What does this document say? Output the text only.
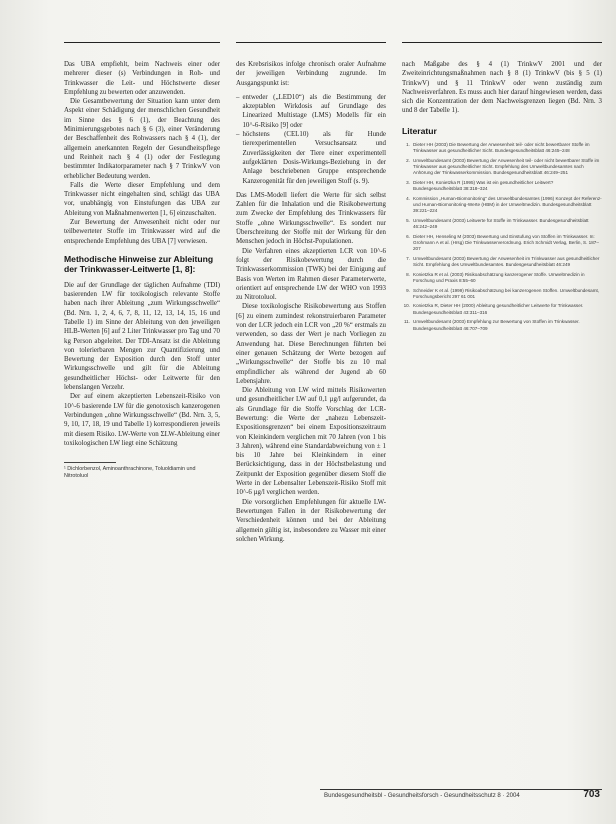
Das UBA empfiehlt, beim Nachweis einer oder mehrerer dieser (s) Verbindungen in Roh- und Trinkwasser die Leit- und Höchstwerte dieser Empfehlung zu bewerten oder anzuwenden.

Die Gesamtbewertung der Situation kann unter dem Aspekt einer Schädigung der menschlichen Gesundheit im Sinne des § 6 (1), der Beachtung des Minimierungsgebotes nach § 6 (3), einer Veränderung der Beschaffenheit des Rohwassers nach § 4 (1), der allgemein anerkannten Regeln der Gesundheitspflege und Reinheit nach § 4 (1) oder der Festlegung bestimmter Indikatorparameter nach § 7 TrinkwV von erheblicher Bedeutung werden.

Falls die Werte dieser Empfehlung und dem Trinkwasser nicht eingehalten sind, schlägt das UBA vor, unabhängig von Einstufungen das UBA zur Ableitung von Maßnahmenwerten [1, 6] einzuschalten.

Zur Bewertung der Anwesenheit nicht oder nur teilbewerteter Stoffe im Trinkwasser wird auf die entsprechende Empfehlung des UBA [7] verwiesen.

Methodische Hinweise zur Ableitung der Trinkwasser-Leitwerte [1, 8]:

Die auf der Grundlage der täglichen Aufnahme (TDI) basierenden LW für toxikologisch relevante Stoffe haben nach ihrer Ableitung „zum Wirkungsschwelle“ (Bd. Nrn. 1, 2, 4, 6, 7, 8, 11, 12, 13, 14, 15, 16 und Tabelle 1) im Sinne der Ableitung von den jeweiligen HLB-Werten [6] auf 2 Liter Trinkwasser pro Tag und 70 kg Person abgeleitet. Der TDI-Ansatz ist die Ableitung von tolerierbaren Mengen zur Quantifizierung und Bewertung der Exposition durch den Stoff unter Wirkungsschwelle und gilt für die Ableitung gesundheitlicher Höchst- oder Leitwerte für den lebenslangen Verzehr.

Der auf einem akzeptierten Lebenszeit-Risiko von 10^-6 basierende LW für die genotoxisch kanzerogenen Verbindungen „ohne Wirkungsschwelle“ (Bd. Nrn. 3, 5, 9, 10, 17, 18, 19 und Tabelle 1) korrespondieren jeweils mit diesem Risiko. LW-Werte von ΣLW-Ableitung einer toxikologischen LW liegt eine Schätzung

¹ Dichlorbenzol, Aminoanthrachinone, Toluoldiamin und Nitrotoluol

des Krebsrisikos infolge chronisch oraler Aufnahme der jeweiligen Verbindung zugrunde. Im Ausgangspunkt ist:

– entweder („LED10“) als die Bestimmung der akzeptablen Wirkdosis auf Grundlage des Linearized Multistage (LMS) Modells für ein 10^-6-Risiko [9] oder

– höchstens (CEL10) als für Hunde tierexperimentellen Versuchsansatz und Zuverlässigkeiten der Tiere einer experimentell aufgeklärten Dosis-Wirkungs-Beziehung in der Anlage beschriebenen Gruppe entsprechende Kanzerogenität für den jeweiligen Stoff (s. 9).

Das LMS-Modell liefert die Werte für sich selbst Zahlen für die Inhalation und die Risikobewertung zum Zwecke der Empfehlung des Trinkwassers für Stoffe „ohne Wirkungsschwelle“. Es sondert nur Überschreitung der Stoffe mit der Wirkung für den Menschen jedoch in Höchst-Populationen.

Die Verfahren eines akzeptierten LCR von 10^-6 folgt der Risikobewertung durch die Trinkwasserkommission (TWK) bei der Einigung auf Basis von Werten im Rahmen dieser Parameterwerte, orientiert auf entsprechende LW der WHO von 1993 zu Nitrotoluol.

Diese toxikologische Risikobewertung aus Stoffen [6] zu einem zumindest rekonstruierbaren Parameter von der LCR jedoch ein LCR von „20 %“ erstmals zu verwenden, so dass der Wert je nach Vorliegen zu Anwendung hat. Diese Berechnungen führten bei einer genauen Schätzung der Werte bezogen auf „Wirkungsschwelle“ der Stoffe bis zu 10 mal empfindlicher als während der Jugend ab 60 Lebensjahre.

Die Ableitung von LW wird mittels Risikowerten und gesundheitlicher LW auf 0,1 µg/l aufgerundet, da als Grundlage für die Stoffe Vorschlag der LCR-Bewertung: die Werte der „nahezu Lebenszeit-Expositionsgrenzen“ bei einem Expositionszeitraum von Kleinkindern verglichen mit 70 Jahren (von 1 bis 3 Jahren), während eine Standardabweichung von ± 1 bis 10 Jahre bei Kleinkindern in einer Berücksichtigung, dass in der Höchstbelastung und Zeitpunkt der Exposition gegenüber diesem Stoff die Werte in der Lebensalter Lebenszeit-Risiko Stoff mit 10^-6 µg/l verglichen werden.

Die vorsorglichen Empfehlungen für aktuelle LW-Bewertungen Fallen in der Risikobewertung der Verschiedenheit können und bei der Ableitung allgemein gültig ist, insbesondere zu Wasser mit einer solchen Wirkung.

nach Maßgabe des § 4 (1) TrinkwV 2001 und der Zweiteinrichtungsmaßnahmen nach § 8 (1) TrinkwV (bis § 5 (1) TrinkwV) und § 11 TrinkwV oder wenn zuständig zum Nachweisverfahren. Es muss auch hier darauf hingewiesen werden, dass sich die Konzentration der dem Nachweisgrenzen liegen (Bd. Nrn. 3 und 8 der Tabelle 1).

Literatur
1. Dieter HH (2003) Die Bewertung der Anwesenheit teil- oder nicht bewertbarer Stoffe im Trinkwasser aus gesundheitlicher Sicht. Bundesgesundheitsblatt 46:245–248
2. Umweltbundesamt (2003) Bewertung der Anwesenheit teil- oder nicht bewertbarer Stoffe im Trinkwasser aus gesundheitlicher Sicht. Empfehlung des Umweltbundesamtes nach Anhörung der Trinkwasserkommission. Bundesgesundheitsblatt 46:249–251
3. Dieter HH, Konietzka R (1995) Was ist ein gesundheitlicher Leitwert? Bundesgesundheitsblatt 38:318–324
4. Kommission „Human-Biomonitoring“ des Umweltbundesamtes (1996) Konzept der Referenz- und Human-Biomonitoring-Werte (HBM) in der Umweltmedizin. Bundesgesundheitsblatt 39:221–224
5. Umweltbundesamt (2003) Leitwerte für Stoffe im Trinkwasser. Bundesgesundheitsblatt 46:242–249
6. Dieter HH, Henseling M (2003) Bewertung und Einstufung von Stoffen im Trinkwasser. In: Grohmann A et al. (Hrsg) Die Trinkwasserverordnung. Erich Schmidt Verlag, Berlin, S. 187–207
7. Umweltbundesamt (2003) Bewertung der Anwesenheit im Trinkwasser aus gesundheitlicher Sicht. Empfehlung des Umweltbundesamtes. Bundesgesundheitsblatt 46:249
8. Konietzka R et al. (2003) Risikoabschätzung kanzerogener Stoffe. Umweltmedizin in Forschung und Praxis 8:55–60
9. Schneider K et al. (1999) Risikoabschätzung bei kanzerogenen Stoffen. Umweltbundesamt, Forschungsbericht 297 61 001
10. Konietzka R, Dieter HH (2000) Ableitung gesundheitlicher Leitwerte für Trinkwasser. Bundesgesundheitsblatt 43:311–316
11. Umweltbundesamt (2003) Empfehlung zur Bewertung von Stoffen im Trinkwasser. Bundesgesundheitsblatt 46:707–709
Bundesgesundheitsbl - Gesundheitsforsch - Gesundheitsschutz 8 · 2004	703
